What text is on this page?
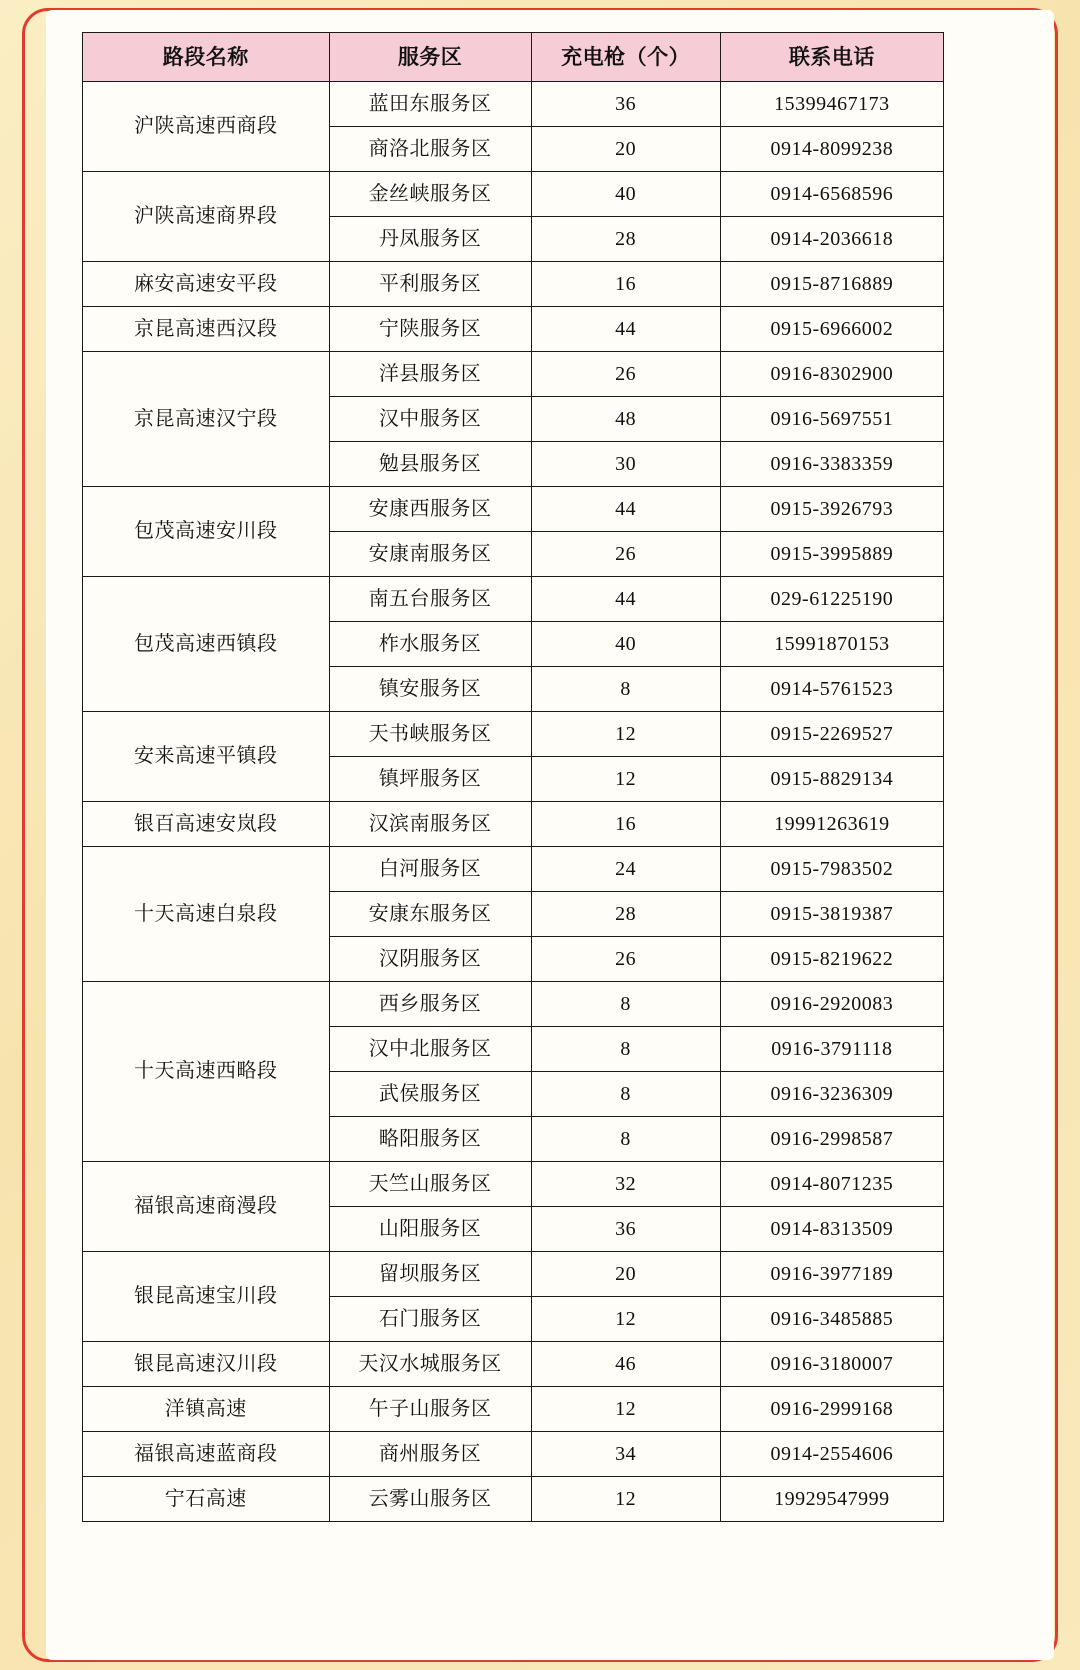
路段名称	服务区	充电枪（个）	联系电话
沪陕高速西商段	蓝田东服务区	36	15399467173
	商洛北服务区	20	0914-8099238
沪陕高速商界段	金丝峡服务区	40	0914-6568596
	丹凤服务区	28	0914-2036618
麻安高速安平段	平利服务区	16	0915-8716889
京昆高速西汉段	宁陕服务区	44	0915-6966002
京昆高速汉宁段	洋县服务区	26	0916-8302900
	汉中服务区	48	0916-5697551
	勉县服务区	30	0916-3383359
包茂高速安川段	安康西服务区	44	0915-3926793
	安康南服务区	26	0915-3995889
包茂高速西镇段	南五台服务区	44	029-61225190
	柞水服务区	40	15991870153
	镇安服务区	8	0914-5761523
安来高速平镇段	天书峡服务区	12	0915-2269527
	镇坪服务区	12	0915-8829134
银百高速安岚段	汉滨南服务区	16	19991263619
十天高速白泉段	白河服务区	24	0915-7983502
	安康东服务区	28	0915-3819387
	汉阴服务区	26	0915-8219622
十天高速西略段	西乡服务区	8	0916-2920083
	汉中北服务区	8	0916-3791118
	武侯服务区	8	0916-3236309
	略阳服务区	8	0916-2998587
福银高速商漫段	天竺山服务区	32	0914-8071235
	山阳服务区	36	0914-8313509
银昆高速宝川段	留坝服务区	20	0916-3977189
	石门服务区	12	0916-3485885
银昆高速汉川段	天汉水城服务区	46	0916-3180007
洋镇高速	午子山服务区	12	0916-2999168
福银高速蓝商段	商州服务区	34	0914-2554606
宁石高速	云雾山服务区	12	19929547999
